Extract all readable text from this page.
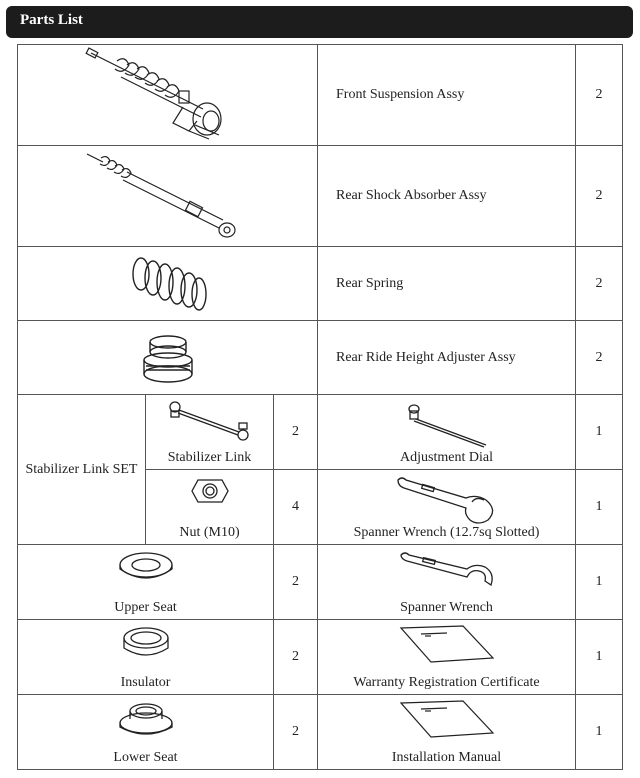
Parts List
	Front Suspension Assy	2

	Rear Shock Absorber Assy	2

	Rear Spring	2

	Rear Ride Height Adjuster Assy	2
Stabilizer Link SET	Stabilizer Link	2	Adjustment Dial	1

	Nut (M10)	4	Spanner Wrench (12.7sq Slotted)	1

Upper Seat		2	Spanner Wrench	1

Insulator		2	Warranty Registration Certificate	1

Lower Seat		2	Installation Manual	1
